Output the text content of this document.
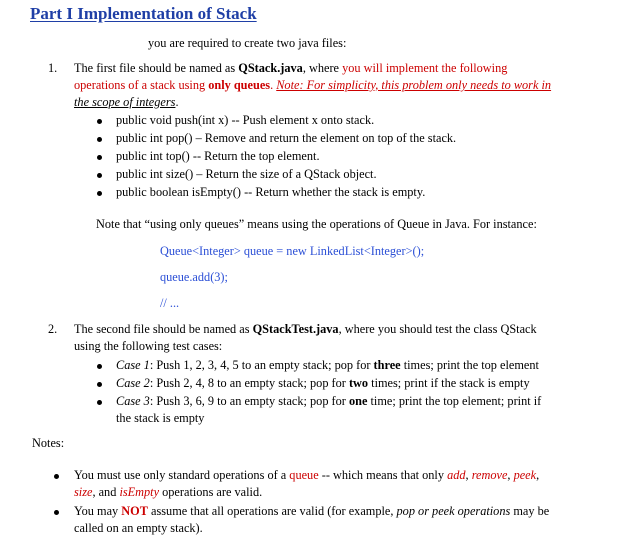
Part I Implementation of Stack
you are required to create two java files:
1. The first file should be named as QStack.java, where you will implement the following
operations of a stack using only queues. Note: For simplicity, this problem only needs to work in
the scope of integers.
public void push(int x) -- Push element x onto stack.
public int pop() – Remove and return the element on top of the stack.
public int top() -- Return the top element.
public int size() – Return the size of a QStack object.
public boolean isEmpty() -- Return whether the stack is empty.
Note that “using only queues” means using the operations of Queue in Java. For instance:
Queue<Integer> queue = new LinkedList<Integer>();
queue.add(3);
// ...
2. The second file should be named as QStackTest.java, where you should test the class QStack
using the following test cases:
Case 1: Push 1, 2, 3, 4, 5 to an empty stack; pop for three times; print the top element
Case 2: Push 2, 4, 8 to an empty stack; pop for two times; print if the stack is empty
Case 3: Push 3, 6, 9 to an empty stack; pop for one time; print the top element; print if
the stack is empty
Notes:
You must use only standard operations of a queue -- which means that only add, remove, peek,
size, and isEmpty operations are valid.
You may NOT assume that all operations are valid (for example, pop or peek operations may be
called on an empty stack).
